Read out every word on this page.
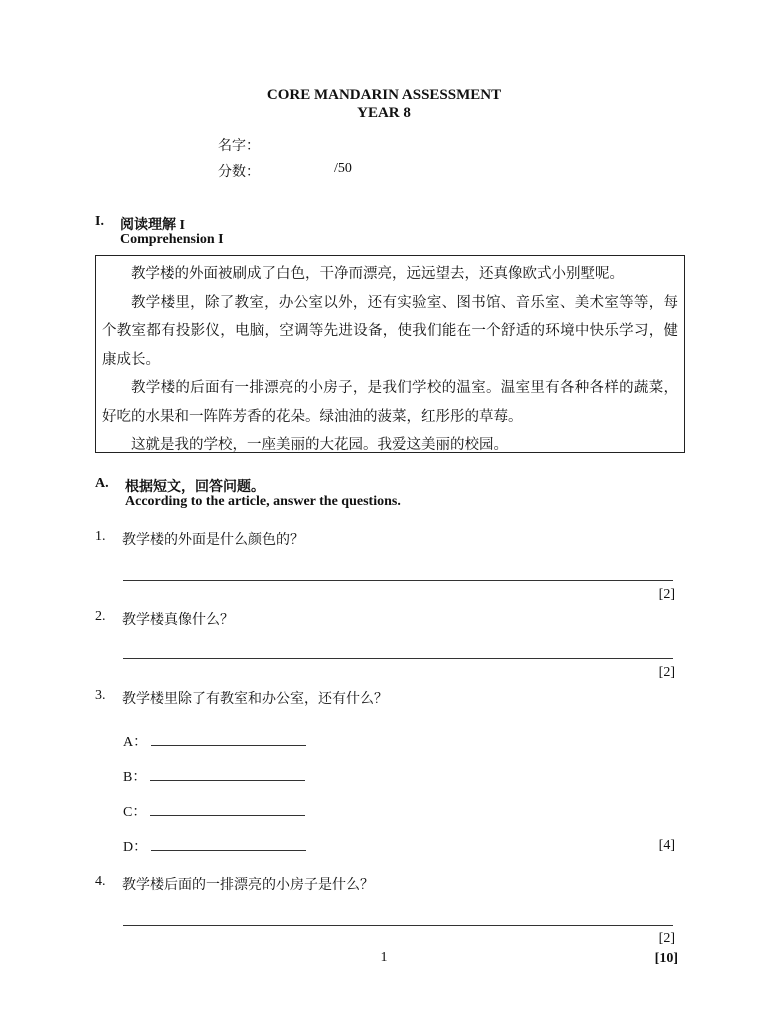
CORE MANDARIN ASSESSMENT
YEAR 8
名字：
分数：	/50
I. 阅读理解 I
Comprehension I

教学楼的外面被刷成了白色，干净而漂亮，远远望去，还真像欧式小别墅呢。

教学楼里，除了教室，办公室以外，还有实验室、图书馆、音乐室、美术室等等，每个教室都有投影仪，电脑，空调等先进设备，使我们能在一个舒适的环境中快乐学习，健康成长。

教学楼的后面有一排漂亮的小房子，是我们学校的温室。温室里有各种各样的蔬菜，好吃的水果和一阵阵芳香的花朵。绿油油的菠菜，红彤彤的草莓。

这就是我的学校，一座美丽的大花园。我爱这美丽的校园。

A. 根据短文，回答问题。
According to the article, answer the questions.
1. 教学楼的外面是什么颜色的？
[2]
2. 教学楼真像什么？
[2]
3. 教学楼里除了有教室和办公室，还有什么？
A：
B：
C：
D：	[4]
4. 教学楼后面的一排漂亮的小房子是什么？
[2]
1	[10]
